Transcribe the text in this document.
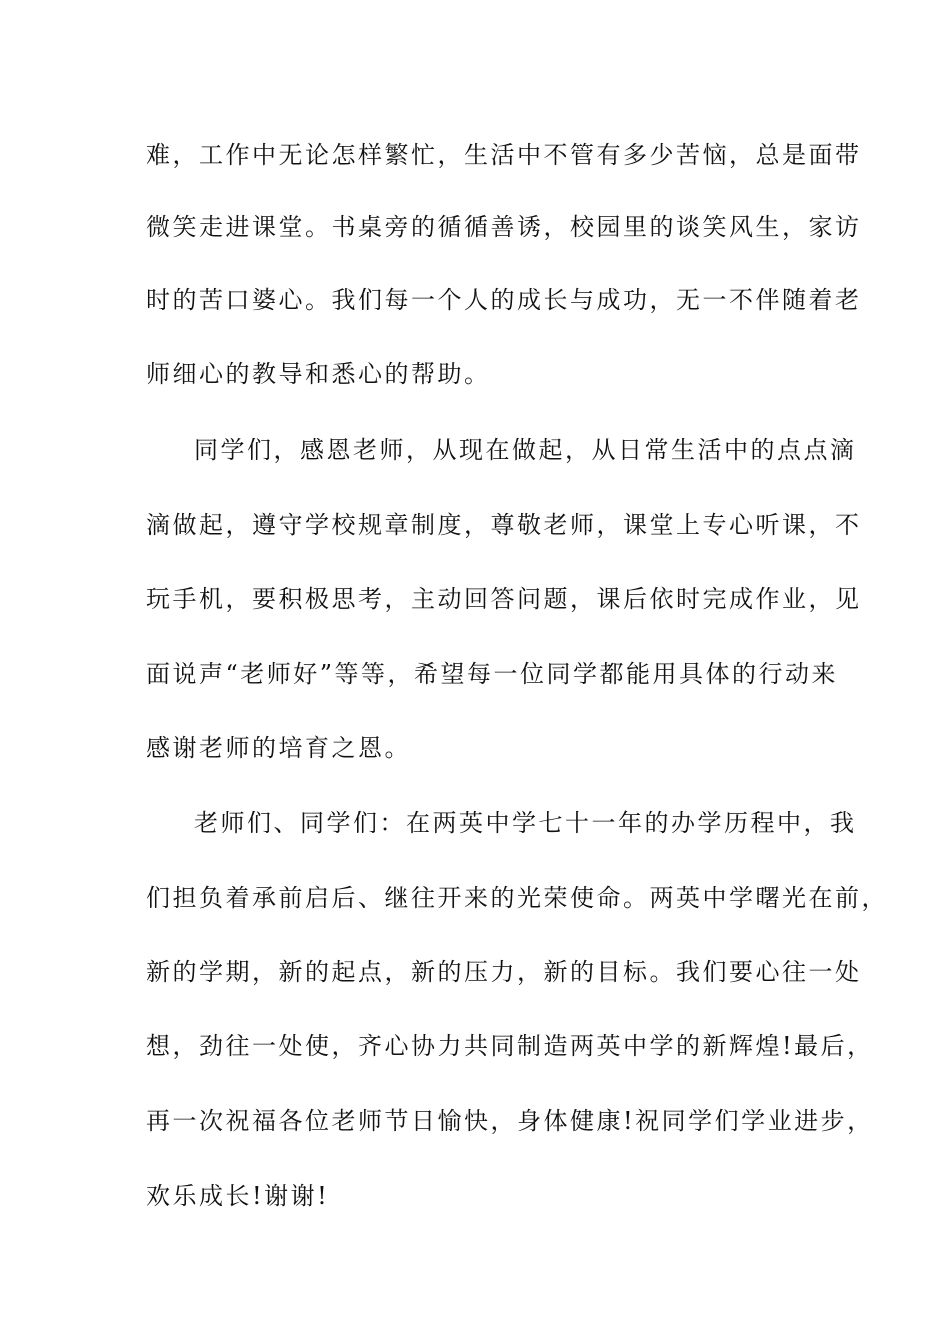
难，工作中无论怎样繁忙，生活中不管有多少苦恼，总是面带
微笑走进课堂。书桌旁的循循善诱，校园里的谈笑风生，家访
时的苦口婆心。我们每一个人的成长与成功，无一不伴随着老
师细心的教导和悉心的帮助。
同学们，感恩老师，从现在做起，从日常生活中的点点滴
滴做起，遵守学校规章制度，尊敬老师，课堂上专心听课，不
玩手机，要积极思考，主动回答问题，课后依时完成作业，见
面说声“老师好”等等，希望每一位同学都能用具体的行动来
感谢老师的培育之恩。
老师们、同学们：在两英中学七十一年的办学历程中，我
们担负着承前启后、继往开来的光荣使命。两英中学曙光在前，
新的学期，新的起点，新的压力，新的目标。我们要心往一处
想，劲往一处使，齐心协力共同制造两英中学的新辉煌!最后，
再一次祝福各位老师节日愉快，身体健康!祝同学们学业进步，
欢乐成长!谢谢!
